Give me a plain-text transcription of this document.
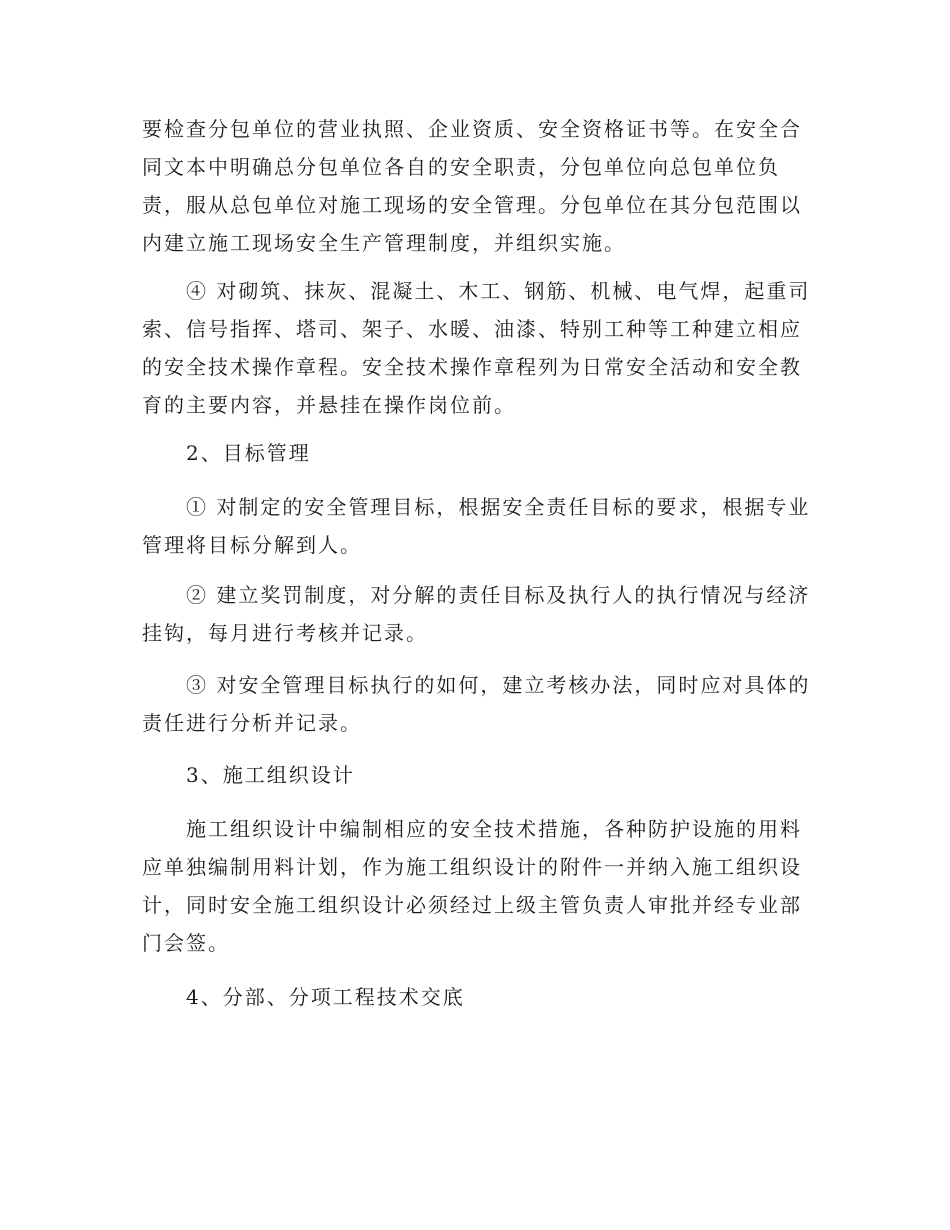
要检查分包单位的营业执照、企业资质、安全资格证书等。在安全合
同文本中明确总分包单位各自的安全职责，分包单位向总包单位负
责，服从总包单位对施工现场的安全管理。分包单位在其分包范围以
内建立施工现场安全生产管理制度，并组织实施。
④ 对砌筑、抹灰、混凝土、木工、钢筋、机械、电气焊，起重司
索、信号指挥、塔司、架子、水暖、油漆、特别工种等工种建立相应
的安全技术操作章程。安全技术操作章程列为日常安全活动和安全教
育的主要内容，并悬挂在操作岗位前。
2、目标管理
① 对制定的安全管理目标，根据安全责任目标的要求，根据专业
管理将目标分解到人。
② 建立奖罚制度，对分解的责任目标及执行人的执行情况与经济
挂钩，每月进行考核并记录。
③ 对安全管理目标执行的如何，建立考核办法，同时应对具体的
责任进行分析并记录。
3、施工组织设计
施工组织设计中编制相应的安全技术措施，各种防护设施的用料
应单独编制用料计划，作为施工组织设计的附件一并纳入施工组织设
计，同时安全施工组织设计必须经过上级主管负责人审批并经专业部
门会签。
4、分部、分项工程技术交底
